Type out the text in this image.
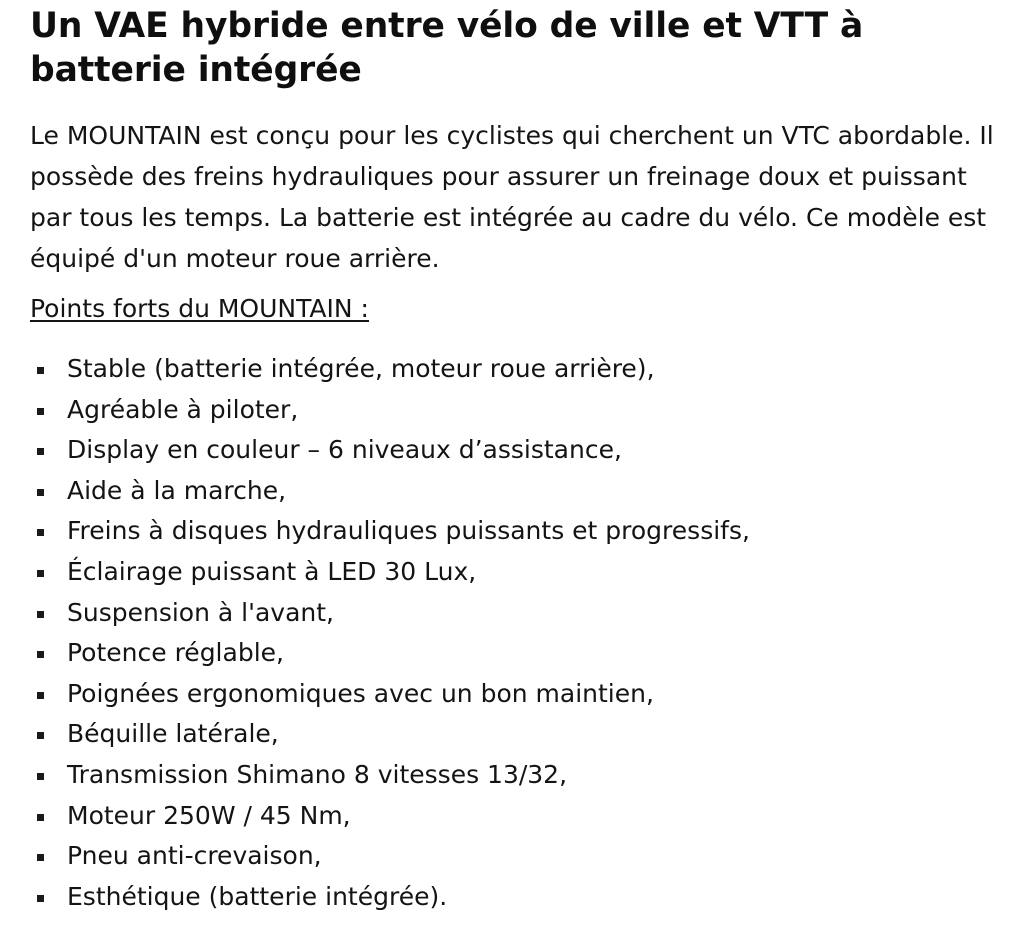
Un VAE hybride entre vélo de ville et VTT à batterie intégrée

Le MOUNTAIN est conçu pour les cyclistes qui cherchent un VTC abordable. Il possède des freins hydrauliques pour assurer un freinage doux et puissant par tous les temps. La batterie est intégrée au cadre du vélo. Ce modèle est équipé d'un moteur roue arrière.

Points forts du MOUNTAIN :

Stable (batterie intégrée, moteur roue arrière),
Agréable à piloter,
Display en couleur – 6 niveaux d’assistance,
Aide à la marche,
Freins à disques hydrauliques puissants et progressifs,
Éclairage puissant à LED 30 Lux,
Suspension à l'avant,
Potence réglable,
Poignées ergonomiques avec un bon maintien,
Béquille latérale,
Transmission Shimano 8 vitesses 13/32,
Moteur 250W / 45 Nm,
Pneu anti-crevaison,
Esthétique (batterie intégrée).
